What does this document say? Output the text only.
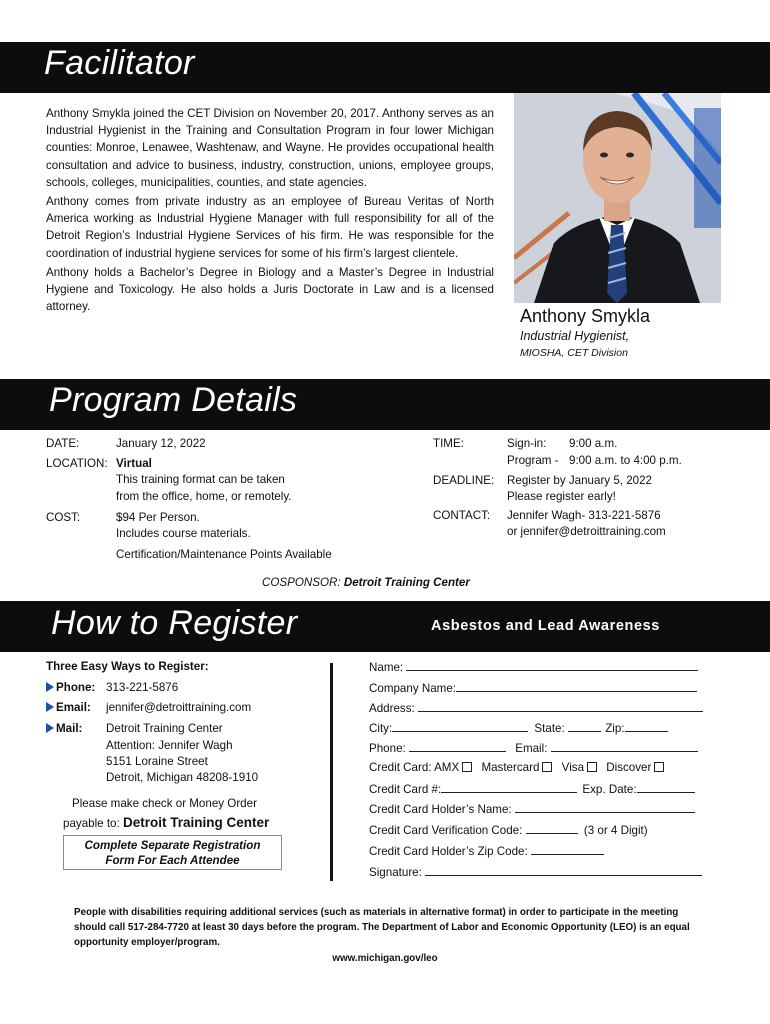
Facilitator

Anthony Smykla joined the CET Division on November 20, 2017. Anthony serves as an Industrial Hygienist in the Training and Consultation Program in four lower Michigan counties: Monroe, Lenawee, Washtenaw, and Wayne. He provides occupational health consultation and advice to business, industry, construction, unions, employee groups, schools, colleges, municipalities, counties, and state agencies.

Anthony comes from private industry as an employee of Bureau Veritas of North America working as Industrial Hygiene Manager with full responsibility for all of the Detroit Region’s Industrial Hygiene Services of his firm. He was responsible for the coordination of industrial hygiene services for some of his firm’s largest clientele.

Anthony holds a Bachelor’s Degree in Biology and a Master’s Degree in Industrial Hygiene and Toxicology. He also holds a Juris Doctorate in Law and is a licensed attorney.	Anthony Smykla
Industrial Hygienist,
MIOSHA, CET Division
Program Details
DATE:	January 12, 2022
LOCATION: Virtual
This training format can be taken
from the office, home, or remotely.
COST:	$94 Per Person.
Includes course materials.
Certification/Maintenance Points Available
TIME:	Sign-in: 9:00 a.m.
Program - 9:00 a.m. to 4:00 p.m.
DEADLINE: Register by January 5, 2022
Please register early!
CONTACT: Jennifer Wagh- 313-221-5876
or jennifer@detroittraining.com
COSPONSOR: Detroit Training Center
How to Register	Asbestos and Lead Awareness
Three Easy Ways to Register:
Phone: 313-221-5876
Email: jennifer@detroittraining.com
Mail: Detroit Training Center
Attention: Jennifer Wagh
5151 Loraine Street
Detroit, Michigan 48208-1910
Please make check or Money Order
payable to: Detroit Training Center
Complete Separate Registration
Form For Each Attendee
Name:
Company Name:
Address:
City:	State:	Zip:
Phone:	Email:
Credit Card: AMX Mastercard Visa Discover
Credit Card #:	Exp. Date:
Credit Card Holder’s Name:
Credit Card Verification Code:	(3 or 4 Digit)
Credit Card Holder’s Zip Code:
Signature:
People with disabilities requiring additional services (such as materials in alternative format) in order to participate in the meeting should call 517-284-7720 at least 30 days before the program. The Department of Labor and Economic Opportunity (LEO) is an equal opportunity employer/program.
www.michigan.gov/leo
